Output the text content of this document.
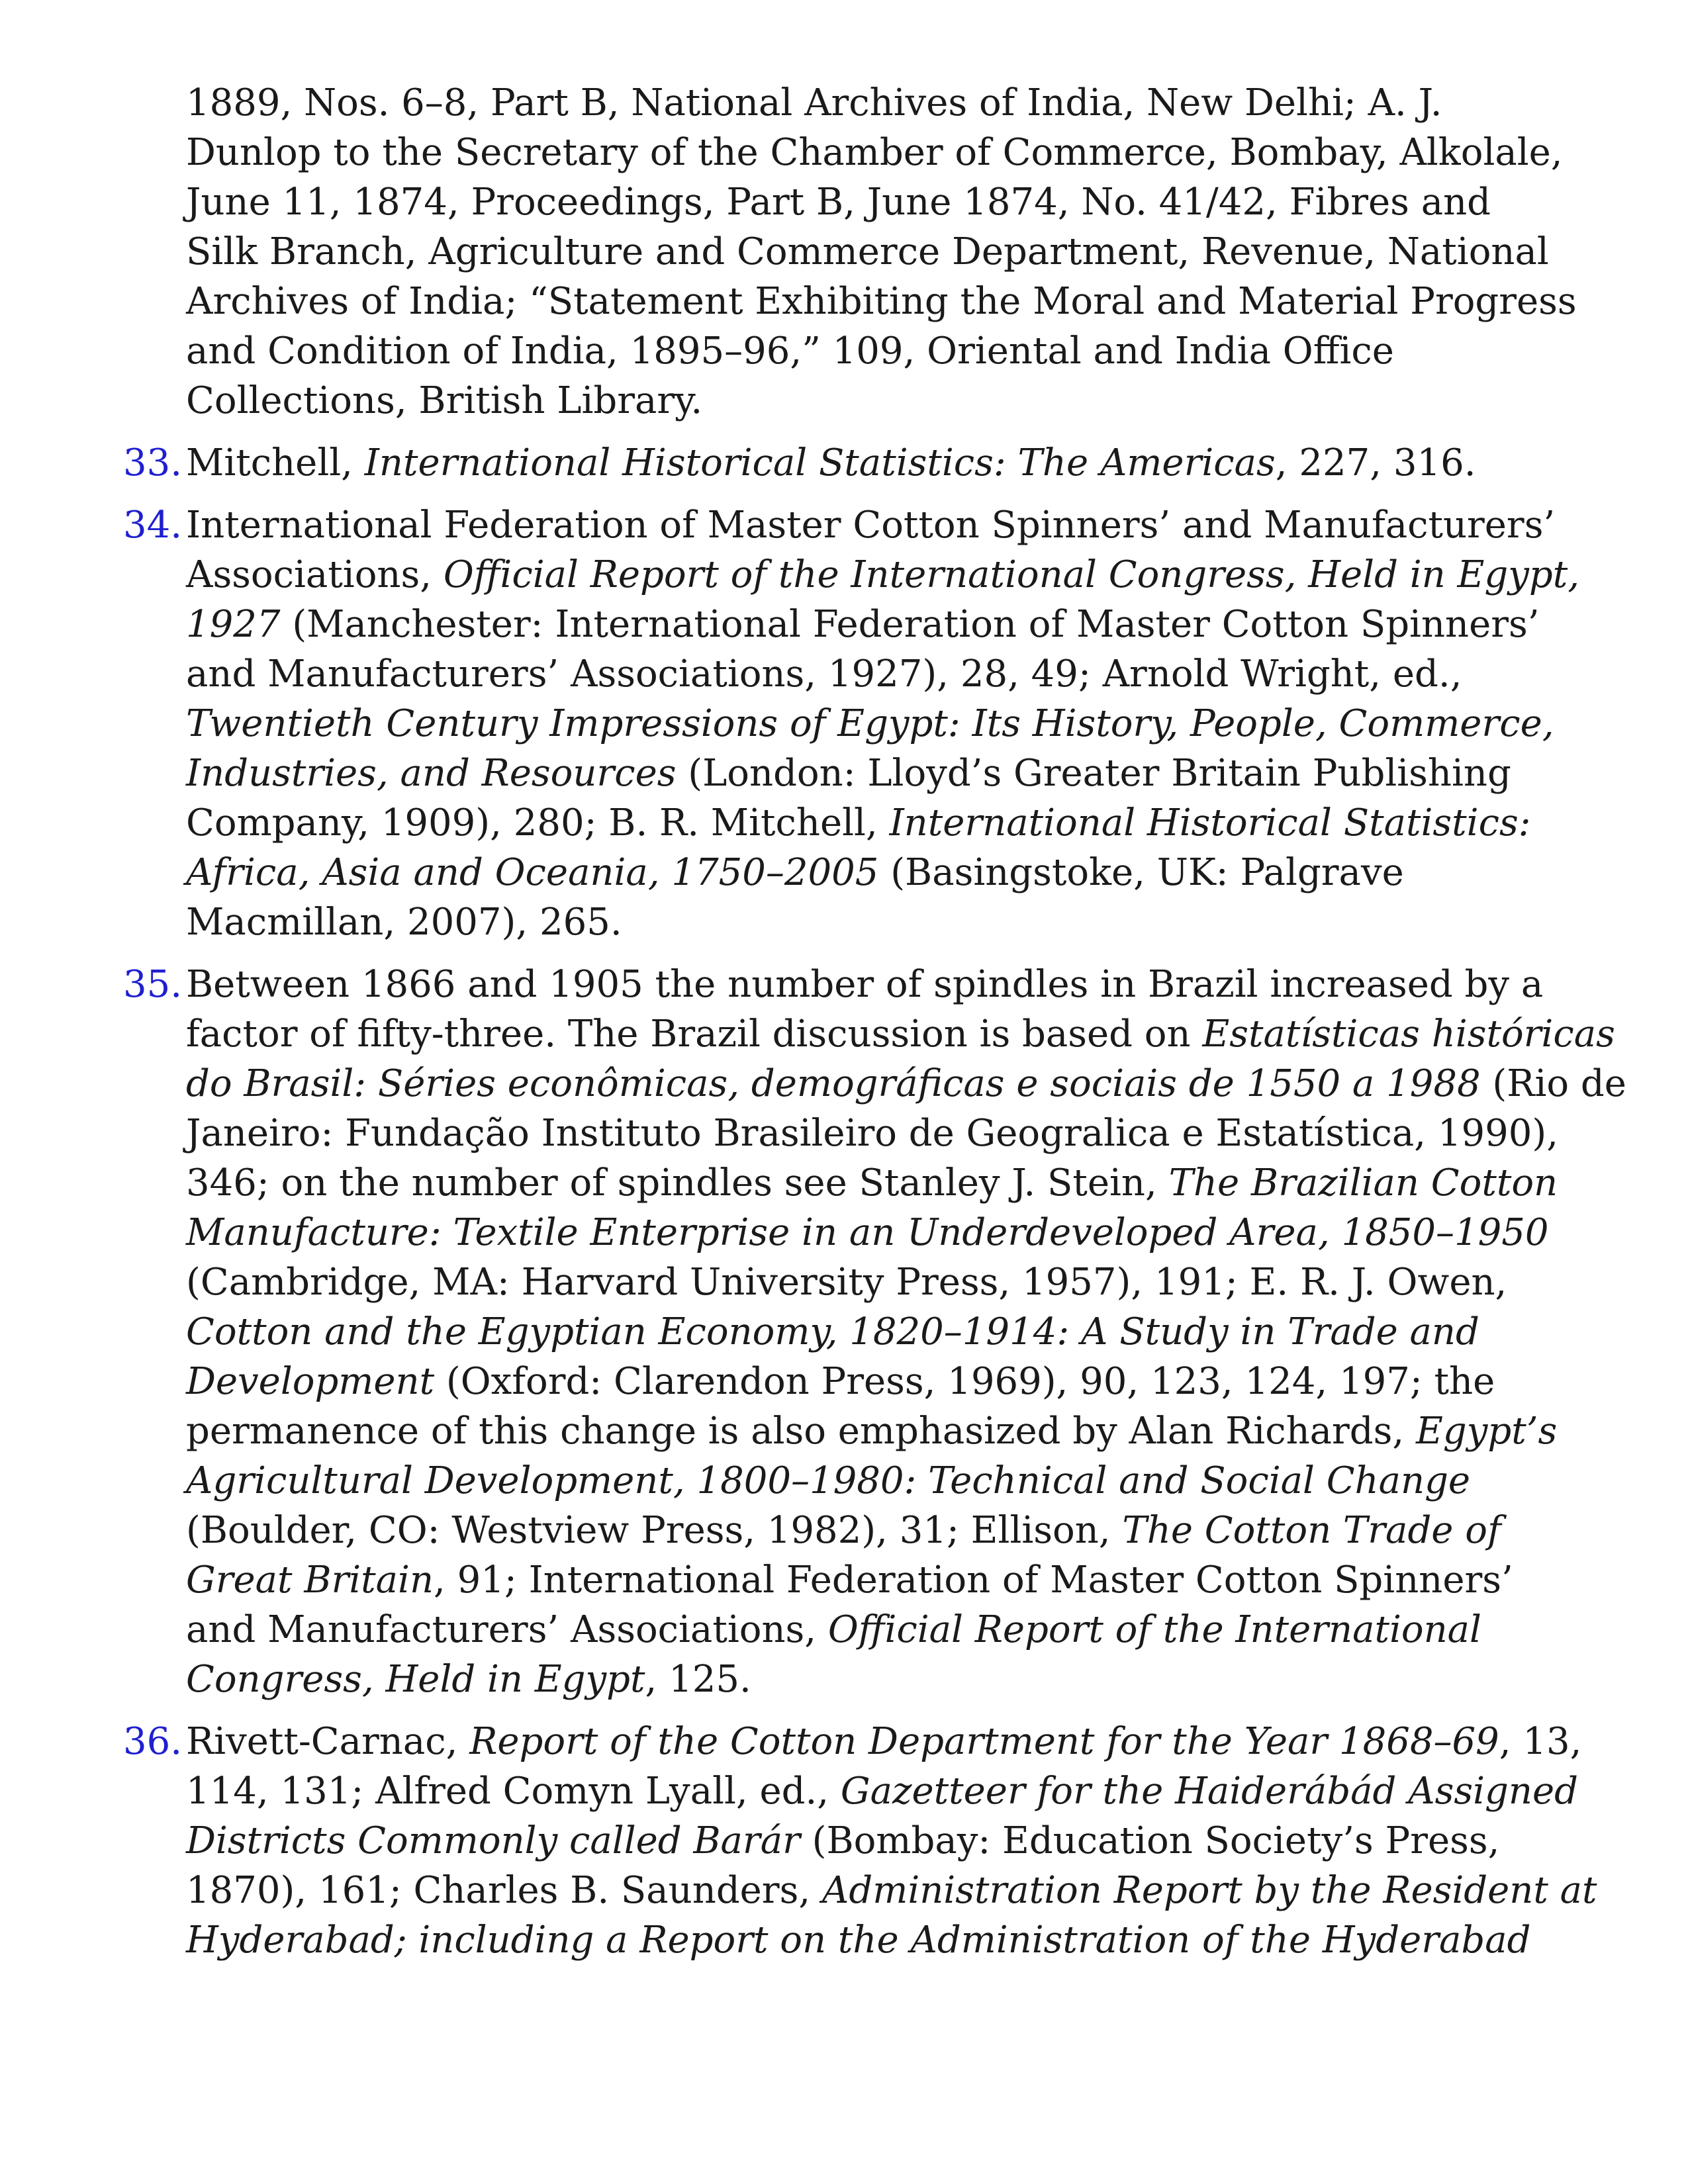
1889, Nos. 6–8, Part B, National Archives of India, New Delhi; A. J.
Dunlop to the Secretary of the Chamber of Commerce, Bombay, Alkolale,
June 11, 1874, Proceedings, Part B, June 1874, No. 41/42, Fibres and
Silk Branch, Agriculture and Commerce Department, Revenue, National
Archives of India; “Statement Exhibiting the Moral and Material Progress
and Condition of India, 1895–96,” 109, Oriental and India Office
Collections, British Library.
33. Mitchell, International Historical Statistics: The Americas, 227, 316.
34. International Federation of Master Cotton Spinners’ and Manufacturers’
Associations, Official Report of the International Congress, Held in Egypt,
1927 (Manchester: International Federation of Master Cotton Spinners’
and Manufacturers’ Associations, 1927), 28, 49; Arnold Wright, ed.,
Twentieth Century Impressions of Egypt: Its History, People, Commerce,
Industries, and Resources (London: Lloyd’s Greater Britain Publishing
Company, 1909), 280; B. R. Mitchell, International Historical Statistics:
Africa, Asia and Oceania, 1750–2005 (Basingstoke, UK: Palgrave
Macmillan, 2007), 265.
35. Between 1866 and 1905 the number of spindles in Brazil increased by a
factor of fifty-three. The Brazil discussion is based on Estatísticas históricas
do Brasil: Séries econômicas, demográficas e sociais de 1550 a 1988 (Rio de
Janeiro: Fundação Instituto Brasileiro de Geogralica e Estatística, 1990),
346; on the number of spindles see Stanley J. Stein, The Brazilian Cotton
Manufacture: Textile Enterprise in an Underdeveloped Area, 1850–1950
(Cambridge, MA: Harvard University Press, 1957), 191; E. R. J. Owen,
Cotton and the Egyptian Economy, 1820–1914: A Study in Trade and
Development (Oxford: Clarendon Press, 1969), 90, 123, 124, 197; the
permanence of this change is also emphasized by Alan Richards, Egypt’s
Agricultural Development, 1800–1980: Technical and Social Change
(Boulder, CO: Westview Press, 1982), 31; Ellison, The Cotton Trade of
Great Britain, 91; International Federation of Master Cotton Spinners’
and Manufacturers’ Associations, Official Report of the International
Congress, Held in Egypt, 125.
36. Rivett-Carnac, Report of the Cotton Department for the Year 1868–69, 13,
114, 131; Alfred Comyn Lyall, ed., Gazetteer for the Haiderábád Assigned
Districts Commonly called Barár (Bombay: Education Society’s Press,
1870), 161; Charles B. Saunders, Administration Report by the Resident at
Hyderabad; including a Report on the Administration of the Hyderabad
